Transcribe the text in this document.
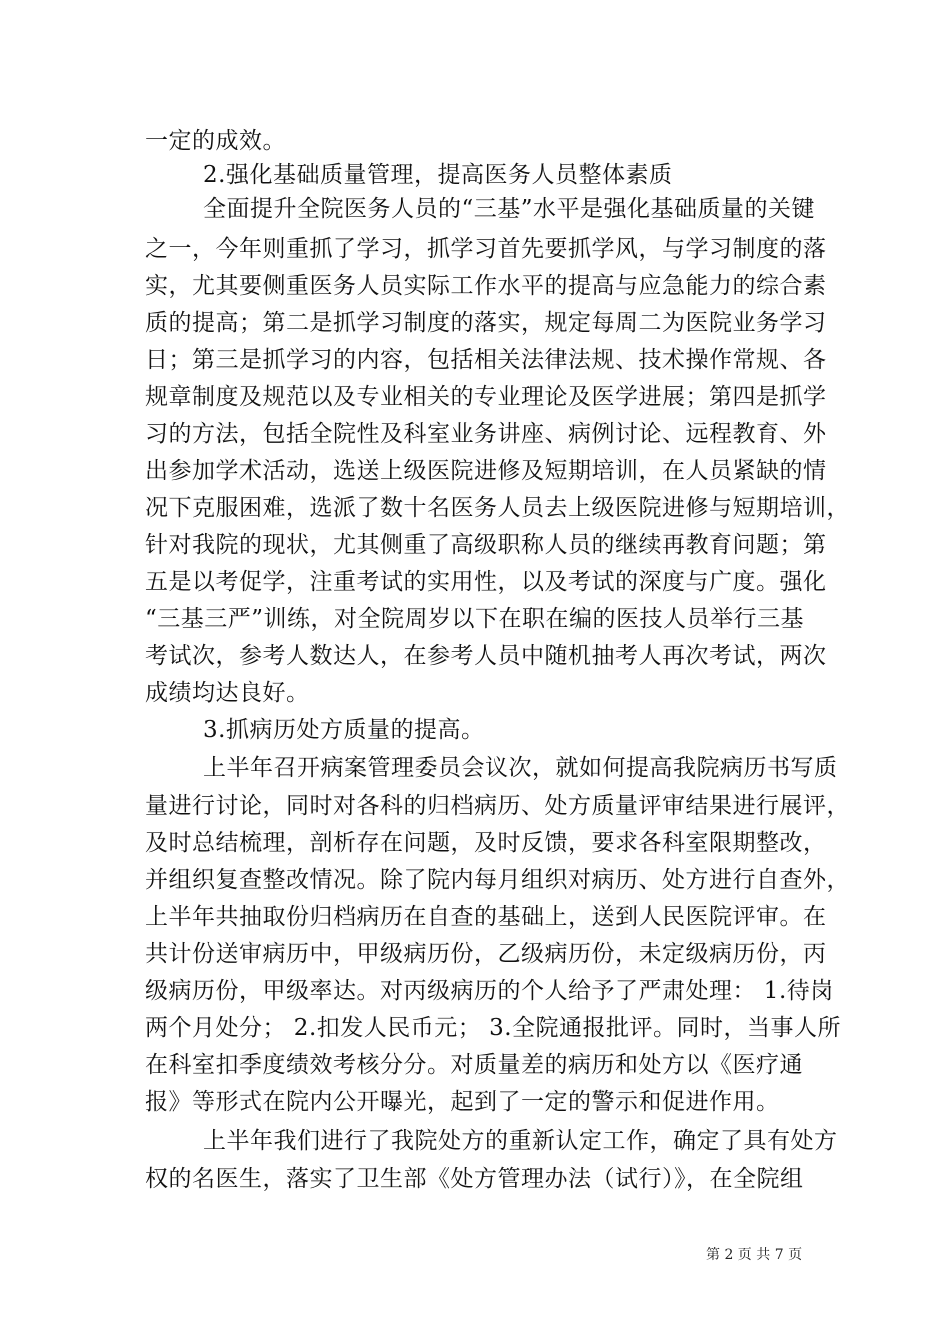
一定的成效。
2.强化基础质量管理，提高医务人员整体素质
全面提升全院医务人员的“三基”水平是强化基础质量的关键
之一，今年则重抓了学习，抓学习首先要抓学风，与学习制度的落
实，尤其要侧重医务人员实际工作水平的提高与应急能力的综合素
质的提高；第二是抓学习制度的落实，规定每周二为医院业务学习
日；第三是抓学习的内容，包括相关法律法规、技术操作常规、各
规章制度及规范以及专业相关的专业理论及医学进展；第四是抓学
习的方法，包括全院性及科室业务讲座、病例讨论、远程教育、外
出参加学术活动，选送上级医院进修及短期培训，在人员紧缺的情
况下克服困难，选派了数十名医务人员去上级医院进修与短期培训，
针对我院的现状，尤其侧重了高级职称人员的继续再教育问题；第
五是以考促学，注重考试的实用性，以及考试的深度与广度。强化
“三基三严”训练，对全院周岁以下在职在编的医技人员举行三基
考试次，参考人数达人，在参考人员中随机抽考人再次考试，两次
成绩均达良好。
3.抓病历处方质量的提高。
上半年召开病案管理委员会议次，就如何提高我院病历书写质
量进行讨论，同时对各科的归档病历、处方质量评审结果进行展评，
及时总结梳理，剖析存在问题，及时反馈，要求各科室限期整改，
并组织复查整改情况。除了院内每月组织对病历、处方进行自查外，
上半年共抽取份归档病历在自查的基础上，送到人民医院评审。在
共计份送审病历中，甲级病历份，乙级病历份，未定级病历份，丙
级病历份，甲级率达。对丙级病历的个人给予了严肃处理： 1.待岗
两个月处分； 2.扣发人民币元； 3.全院通报批评。同时，当事人所
在科室扣季度绩效考核分分。对质量差的病历和处方以《医疗通
报》等形式在院内公开曝光，起到了一定的警示和促进作用。
上半年我们进行了我院处方的重新认定工作，确定了具有处方
权的名医生，落实了卫生部《处方管理办法（试行）》，在全院组
第 2 页 共 7 页
